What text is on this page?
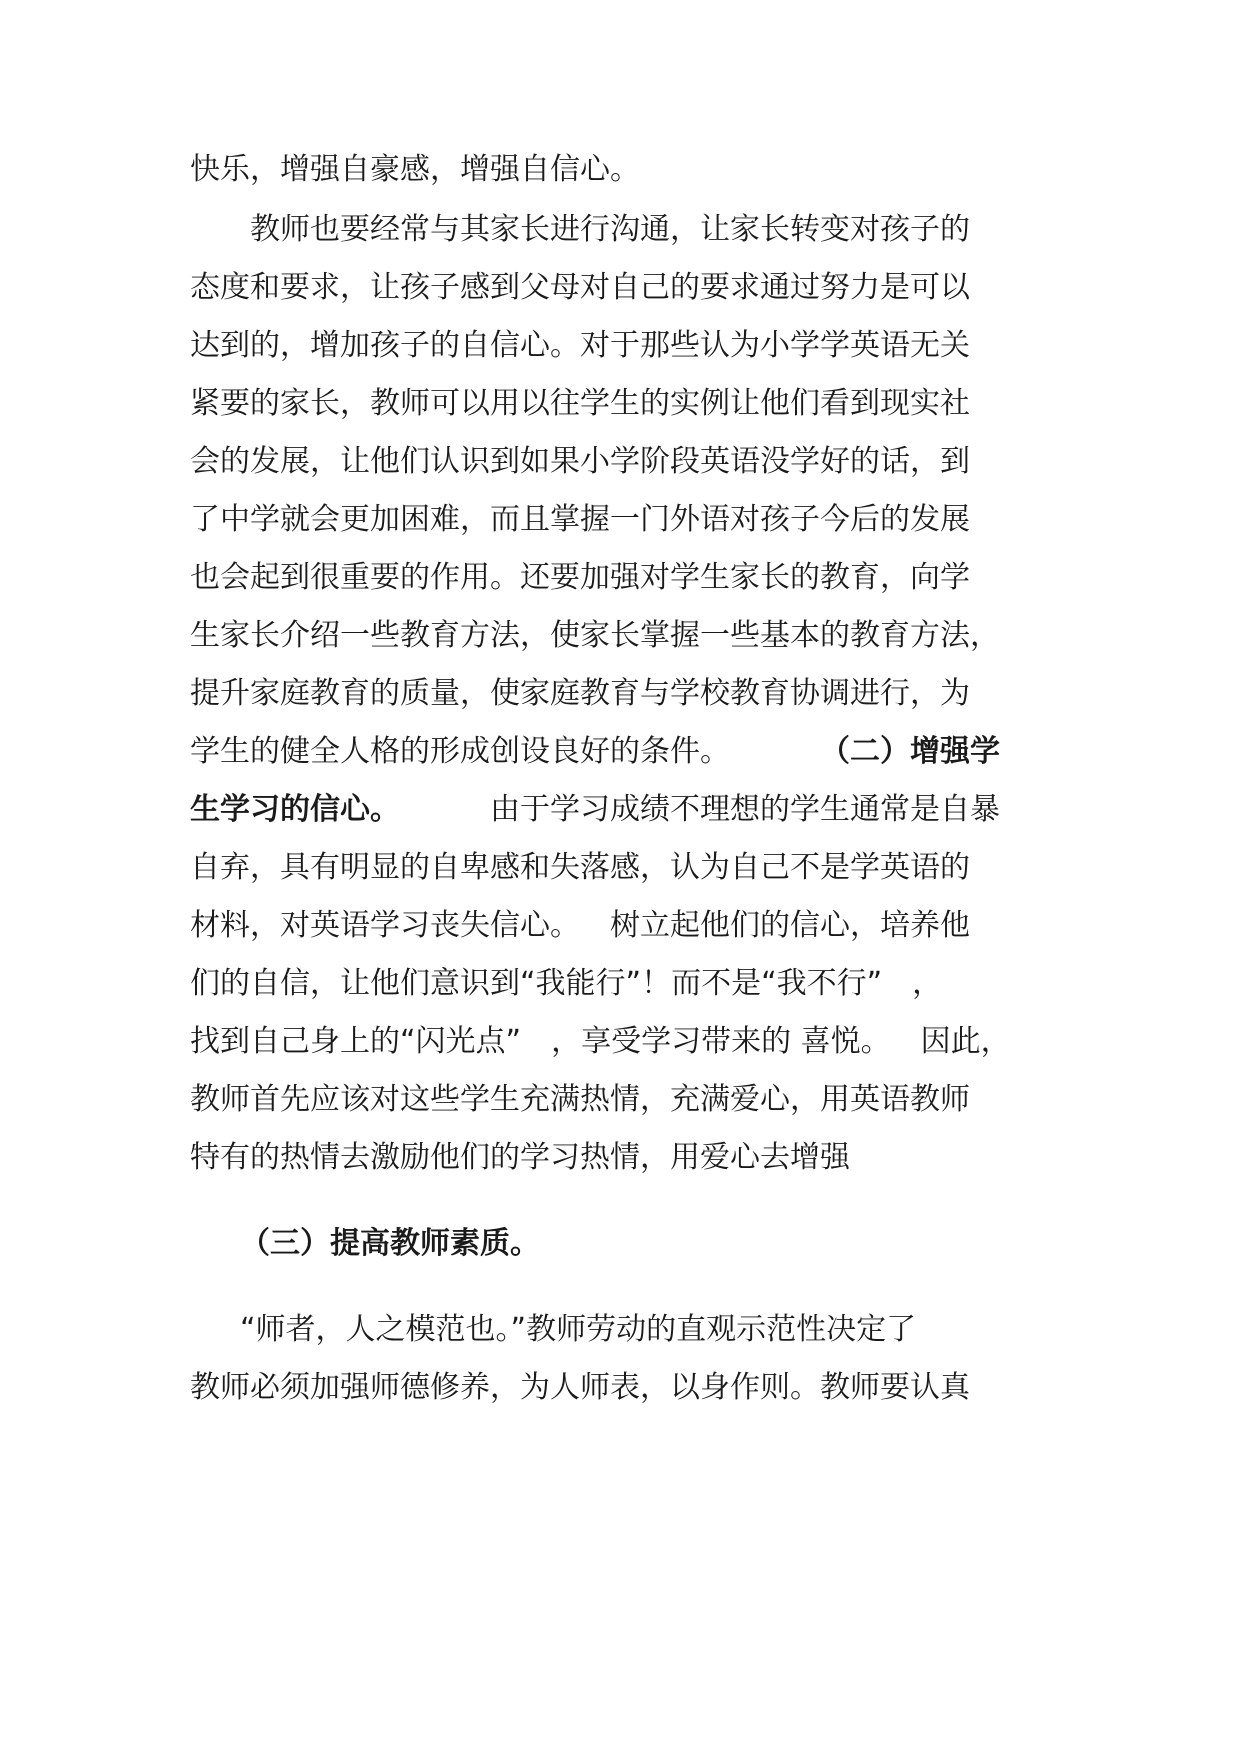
快乐，增强自豪感，增强自信心。
教师也要经常与其家长进行沟通，让家长转变对孩子的
态度和要求，让孩子感到父母对自己的要求通过努力是可以
达到的，增加孩子的自信心。对于那些认为小学学英语无关
紧要的家长，教师可以用以往学生的实例让他们看到现实社
会的发展，让他们认识到如果小学阶段英语没学好的话，到
了中学就会更加困难，而且掌握一门外语对孩子今后的发展
也会起到很重要的作用。还要加强对学生家长的教育，向学
生家长介绍一些教育方法，使家长掌握一些基本的教育方法，
提升家庭教育的质量，使家庭教育与学校教育协调进行，为
学生的健全人格的形成创设良好的条件。	（二）增强学
生学习的信心。	由于学习成绩不理想的学生通常是自暴
自弃，具有明显的自卑感和失落感，认为自己不是学英语的
材料，对英语学习丧失信心。 树立起他们的信心，培养他
们的自信，让他们意识到“我能行”！而不是“我不行” ，
找到自己身上的“闪光点” ，享受学习带来的 喜悦。 因此，
教师首先应该对这些学生充满热情，充满爱心，用英语教师
特有的热情去激励他们的学习热情，用爱心去增强
（三）提高教师素质。
“师者，人之模范也。”教师劳动的直观示范性决定了
教师必须加强师德修养，为人师表，以身作则。教师要认真
